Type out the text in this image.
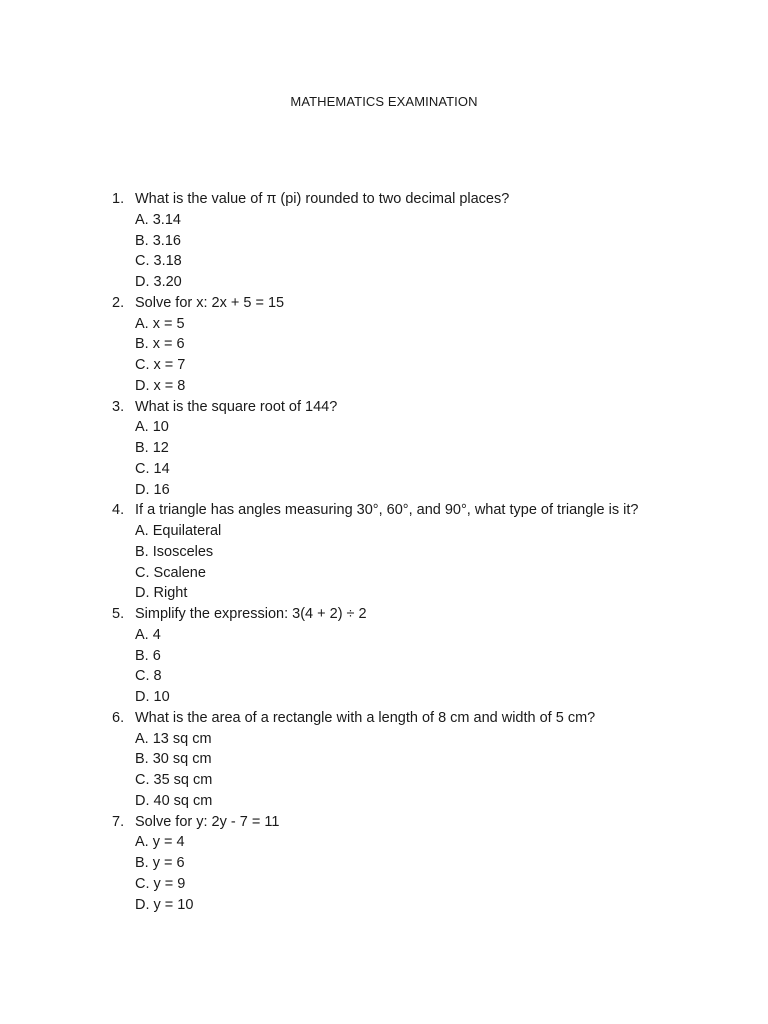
MATHEMATICS EXAMINATION
1. What is the value of π (pi) rounded to two decimal places?
A. 3.14
B. 3.16
C. 3.18
D. 3.20
2. Solve for x: 2x + 5 = 15
A. x = 5
B. x = 6
C. x = 7
D. x = 8
3. What is the square root of 144?
A. 10
B. 12
C. 14
D. 16
4. If a triangle has angles measuring 30°, 60°, and 90°, what type of triangle is it?
A. Equilateral
B. Isosceles
C. Scalene
D. Right
5. Simplify the expression: 3(4 + 2) ÷ 2
A. 4
B. 6
C. 8
D. 10
6. What is the area of a rectangle with a length of 8 cm and width of 5 cm?
A. 13 sq cm
B. 30 sq cm
C. 35 sq cm
D. 40 sq cm
7. Solve for y: 2y - 7 = 11
A. y = 4
B. y = 6
C. y = 9
D. y = 10
